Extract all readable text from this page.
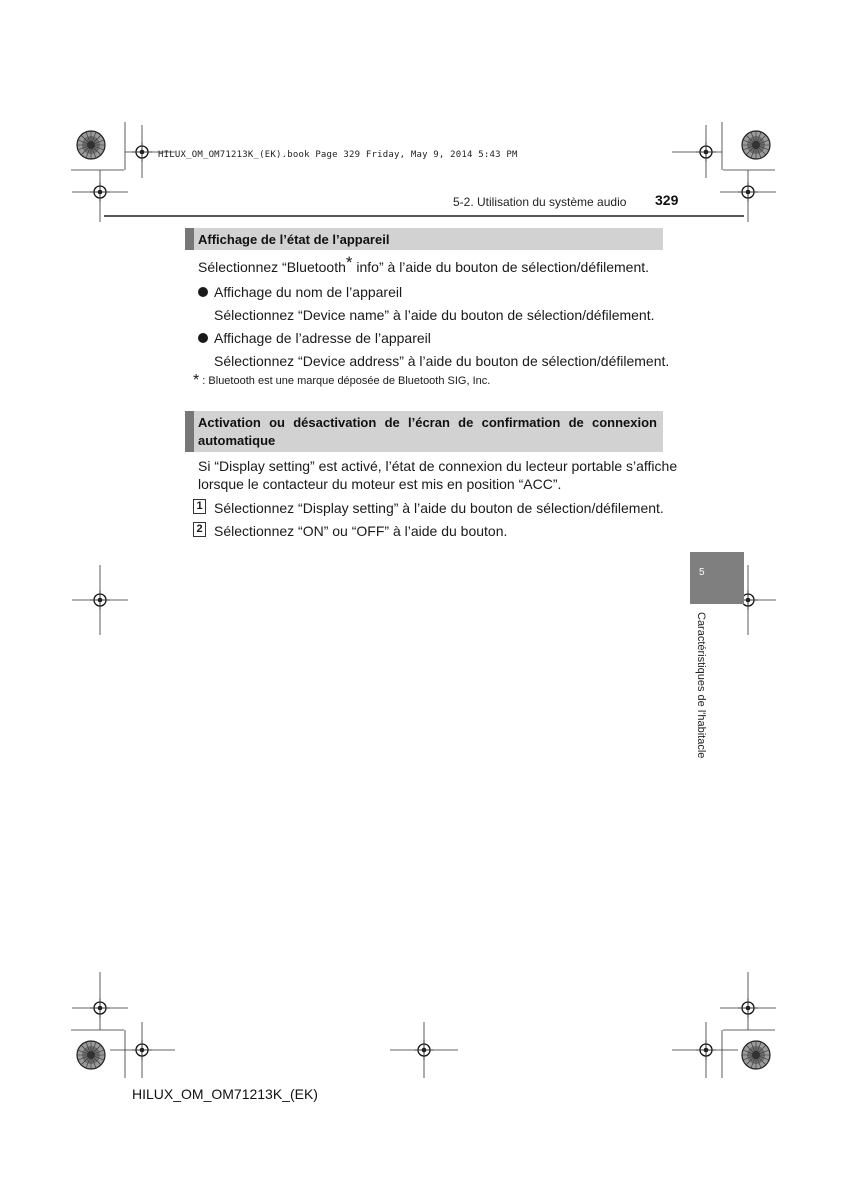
HILUX_OM_OM71213K_(EK).book Page 329 Friday, May 9, 2014 5:43 PM
5-2. Utilisation du système audio 329
Affichage de l’état de l’appareil
Sélectionnez “Bluetooth* info” à l’aide du bouton de sélection/défilement.
Affichage du nom de l’appareil
Sélectionnez “Device name” à l’aide du bouton de sélection/défilement.
Affichage de l’adresse de l’appareil
Sélectionnez “Device address” à l’aide du bouton de sélection/défilement.
* : Bluetooth est une marque déposée de Bluetooth SIG, Inc.
Activation ou désactivation de l’écran de confirmation de connexion
automatique
Si “Display setting” est activé, l’état de connexion du lecteur portable s’affiche
lorsque le contacteur du moteur est mis en position “ACC”.
1 Sélectionnez “Display setting” à l’aide du bouton de sélection/défilement.
2 Sélectionnez “ON” ou “OFF” à l’aide du bouton.
5
Caractéristiques de l'habitacle
HILUX_OM_OM71213K_(EK)
